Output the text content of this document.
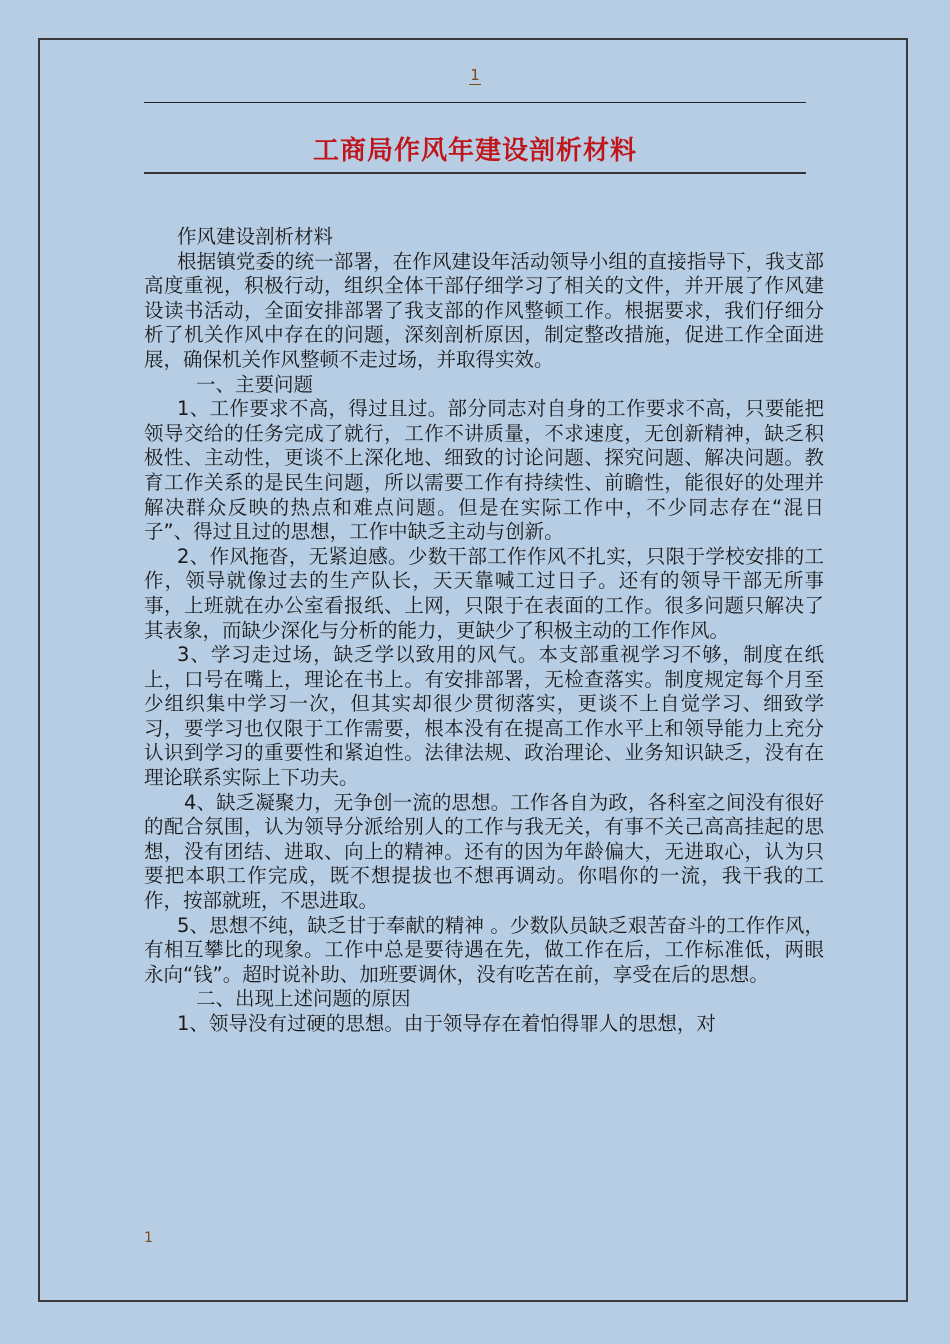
1
工商局作风年建设剖析材料

作风建设剖析材料

根据镇党委的统一部署，在作风建设年活动领导小组的直接指导下，我支部高度重视，积极行动，组织全体干部仔细学习了相关的文件，并开展了作风建设读书活动，全面安排部署了我支部的作风整顿工作。根据要求，我们仔细分析了机关作风中存在的问题，深刻剖析原因，制定整改措施，促进工作全面进展，确保机关作风整顿不走过场，并取得实效。

一、主要问题

1、工作要求不高，得过且过。部分同志对自身的工作要求不高，只要能把领导交给的任务完成了就行，工作不讲质量，不求速度，无创新精神，缺乏积极性、主动性，更谈不上深化地、细致的讨论问题、探究问题、解决问题。教育工作关系的是民生问题，所以需要工作有持续性、前瞻性，能很好的处理并解决群众反映的热点和难点问题。但是在实际工作中，不少同志存在“混日子”、得过且过的思想，工作中缺乏主动与创新。

2、作风拖沓，无紧迫感。少数干部工作作风不扎实，只限于学校安排的工作，领导就像过去的生产队长，天天靠喊工过日子。还有的领导干部无所事事，上班就在办公室看报纸、上网，只限于在表面的工作。很多问题只解决了其表象，而缺少深化与分析的能力，更缺少了积极主动的工作作风。

3、学习走过场，缺乏学以致用的风气。本支部重视学习不够，制度在纸上，口号在嘴上，理论在书上。有安排部署，无检查落实。制度规定每个月至少组织集中学习一次，但其实却很少贯彻落实，更谈不上自觉学习、细致学习，要学习也仅限于工作需要，根本没有在提高工作水平上和领导能力上充分认识到学习的重要性和紧迫性。法律法规、政治理论、业务知识缺乏，没有在理论联系实际上下功夫。

4、缺乏凝聚力，无争创一流的思想。工作各自为政，各科室之间没有很好的配合氛围，认为领导分派给别人的工作与我无关，有事不关己高高挂起的思想，没有团结、进取、向上的精神。还有的因为年龄偏大，无进取心，认为只要把本职工作完成，既不想提拔也不想再调动。你唱你的一流，我干我的工作，按部就班，不思进取。

5、思想不纯，缺乏甘于奉献的精神 。少数队员缺乏艰苦奋斗的工作作风，有相互攀比的现象。工作中总是要待遇在先，做工作在后，工作标准低，两眼永向“钱”。超时说补助、加班要调休，没有吃苦在前，享受在后的思想。

二、出现上述问题的原因

1、领导没有过硬的思想。由于领导存在着怕得罪人的思想，对

1
